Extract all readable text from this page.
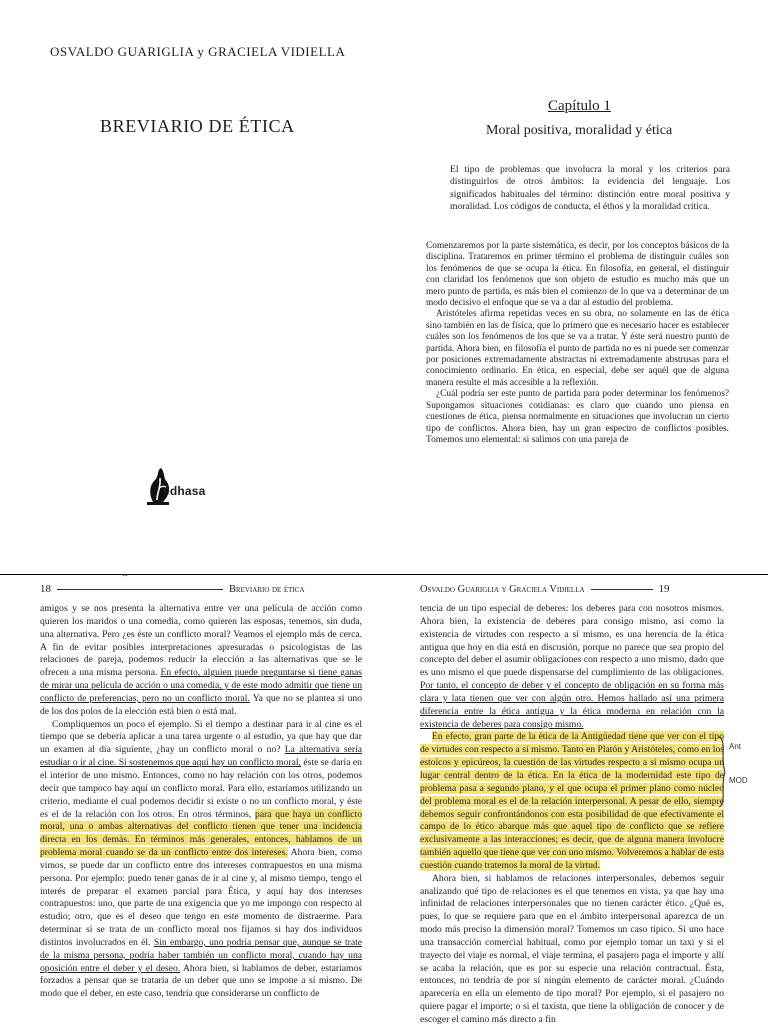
OSVALDO GUARIGLIA y GRACIELA VIDIELLA
BREVIARIO DE ÉTICA
Capítulo 1
Moral positiva, moralidad y ética
El tipo de problemas que involucra la moral y los criterios para distinguirlos de otros ámbitos: la evidencia del lenguaje. Los significados habituales del término: distinción entre moral positiva y moralidad. Los códigos de conducta, el éthos y la moralidad crítica.

Comenzaremos por la parte sistemática, es decir, por los conceptos básicos de la disciplina. Trataremos en primer término el problema de distinguir cuáles son los fenómenos de que se ocupa la ética. En filosofía, en general, el distinguir con claridad los fenómenos que son objeto de estudio es mucho más que un mero punto de partida, es más bien el comienzo de lo que va a determinar de un modo decisivo el enfoque que se va a dar al estudio del problema.

Aristóteles afirma repetidas veces en su obra, no solamente en las de ética sino también en las de física, que lo primero que es necesario hacer es establecer cuáles son los fenómenos de los que se va a tratar. Y éste será nuestro punto de partida. Ahora bien, en filosofía el punto de partida no es ni puede ser comenzar por posiciones extremadamente abstractas ni extremadamente abstrusas para el conocimiento ordinario. En ética, en especial, debe ser aquél que de alguna manera resulte el más accesible a la reflexión.

¿Cuál podría ser este punto de partida para poder determinar los fenómenos? Supongamos situaciones cotidianas: es claro que cuando uno piensa en cuestiones de ética, piensa normalmente en situaciones que involucran un cierto tipo de conflictos. Ahora bien, hay un gran espectro de conflictos posibles. Tomemos uno elemental: si salimos con una pareja de

edhasa
⌃
18	Breviario de ética	Osvaldo Guariglia y Graciela Vidiella	19

amigos y se nos presenta la alternativa entre ver una película de acción como quieren los maridos o una comedia, como quieren las esposas, tenemos, sin duda, una alternativa. Pero ¿es éste un conflicto moral? Veamos el ejemplo más de cerca. A fin de evitar posibles interpretaciones apresuradas o psicologistas de las relaciones de pareja, podemos reducir la elección a las alternativas que se le ofrecen a una misma persona. En efecto, alguien puede preguntarse si tiene ganas de mirar una película de acción o una comedia, y de este modo admitir que tiene un conflicto de preferencias, pero no un conflicto moral. Ya que no se plantea si uno de los dos polos de la elección está bien o está mal.

Compliquemos un poco el ejemplo. Si el tiempo a destinar para ir al cine es el tiempo que se debería aplicar a una tarea urgente o al estudio, ya que hay que dar un examen al día siguiente, ¿hay un conflicto moral o no? La alternativa sería estudiar o ir al cine. Si sostenemos que aquí hay un conflicto moral, éste se daría en el interior de uno mismo. Entonces, como no hay relación con los otros, podemos decir que tampoco hay aquí un conflicto moral. Para ello, estaríamos utilizando un criterio, mediante el cual podemos decidir si existe o no un conflicto moral, y éste es el de la relación con los otros. En otros términos, para que haya un conflicto moral, una o ambas alternativas del conflicto tienen que tener una incidencia directa en los demás. En términos más generales, entonces, hablamos de un problema moral cuando se da un conflicto entre dos intereses. Ahora bien, como vimos, se puede dar un conflicto entre dos intereses contrapuestos en una misma persona. Por ejemplo: puedo tener ganas de ir al cine y, al mismo tiempo, tengo el interés de preparar el examen parcial para Ética, y aquí hay dos intereses contrapuestos: uno, que parte de una exigencia que yo me impongo con respecto al estudio; otro, que es el deseo que tengo en este momento de distraerme. Para determinar si se trata de un conflicto moral nos fijamos si hay dos individuos distintos involucrados en él. Sin embargo, uno podría pensar que, aunque se trate de la misma persona, podría haber también un conflicto moral, cuando hay una oposición entre el deber y el deseo. Ahora bien, si hablamos de deber, estaríamos forzados a pensar que se trataría de un deber que uno se impone a sí mismo. De modo que el deber, en este caso, tendría que considerarse un conflicto de

tencia de un tipo especial de deberes: los deberes para con nosotros mismos. Ahora bien, la existencia de deberes para consigo mismo, así como la existencia de virtudes con respecto a sí mismo, es una herencia de la ética antigua que hoy en día está en discusión, porque no parece que sea propio del concepto del deber el asumir obligaciones con respecto a uno mismo, dado que es uno mismo el que puede dispensarse del cumplimiento de las obligaciones. Por tanto, el concepto de deber y el concepto de obligación en su forma más clara y lata tienen que ver con algún otro. Hemos hallado así una primera diferencia entre la ética antigua y la ética moderna en relación con la existencia de deberes para consigo mismo.

En efecto, gran parte de la ética de la Antigüedad tiene que ver con el tipo de virtudes con respecto a sí mismo. Tanto en Platón y Aristóteles, como en los estoicos y epicúreos, la cuestión de las virtudes respecto a sí mismo ocupa un lugar central dentro de la ética. En la ética de la modernidad este tipo de problema pasa a segundo plano, y el que ocupa el primer plano como núcleo del problema moral es el de la relación interpersonal. A pesar de ello, siempre debemos seguir confrontándonos con esta posibilidad de que efectivamente el campo de lo ético abarque más que aquel tipo de conflicto que se refiere exclusivamente a las interacciones; es decir, que de alguna manera involucre también aquello que tiene que ver con uno mismo. Volveremos a hablar de esta cuestión cuando tratemos la moral de la virtud.

Ahora bien, si hablamos de relaciones interpersonales, debemos seguir analizando qué tipo de relaciones es el que tenemos en vista, ya que hay una infinidad de relaciones interpersonales que no tienen carácter ético. ¿Qué es, pues, lo que se requiere para que en el ámbito interpersonal aparezca de un modo más preciso la dimensión moral? Tomemos un caso típico. Si uno hace una transacción comercial habitual, como por ejemplo tomar un taxi y si el trayecto del viaje es normal, el viaje termina, el pasajero paga el importe y allí se acaba la relación, que es por su especie una relación contractual. Ésta, entonces, no tendría de por sí ningún elemento de carácter moral. ¿Cuándo aparecería en ella un elemento de tipo moral? Por ejemplo, si el pasajero no quiere pagar el importe; o si el taxista, que tiene la obligación de conocer y de escoger el camino más directo a fin

Ant
MOD
